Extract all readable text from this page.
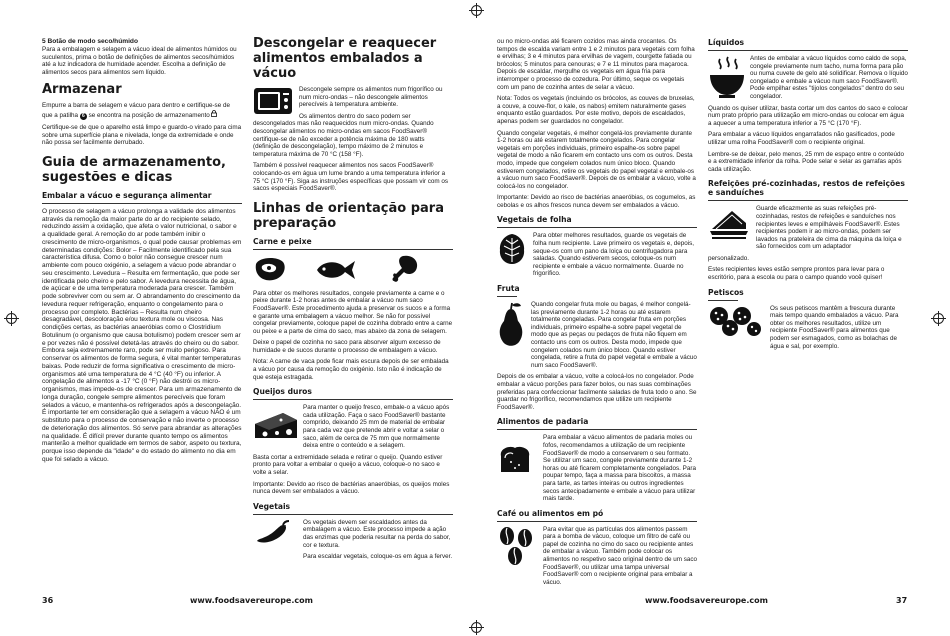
5 Botão de modo seco/húmido

Para a embalagem e selagem a vácuo ideal de alimentos húmidos ou suculentos, prima o botão de definições de alimentos secos/húmidos até a luz indicadora de humidade acender. Escolha a definição de alimentos secos para alimentos sem líquido.

Armazenar

Empurre a barra de selagem e vácuo para dentro e certifique-se de que a patilha 6 se encontra na posição de armazenamento

Certifique-se de que o aparelho está limpo e guardo-o virado para cima sobre uma superfície plana e nivelada, longe da extremidade e onde não possa ser facilmente derrubado.

Guia de armazenamento, sugestões e dicas
Embalar a vácuo e segurança alimentar

O processo de selagem a vácuo prolonga a validade dos alimentos através da remoção da maior parte do ar do recipiente selado, reduzindo assim a oxidação, que afeta o valor nutricional, o sabor e a qualidade geral. A remoção do ar pode também inibir o crescimento de micro-organismos, o qual pode causar problemas em determinadas condições: Bolor – Facilmente identificado pela sua característica difusa. Como o bolor não consegue crescer num ambiente com pouco oxigénio, a selagem a vácuo pode abrandar o seu crescimento. Levedura – Resulta em fermentação, que pode ser identificada pelo cheiro e pelo sabor. A levedura necessita de água, de açúcar e de uma temperatura moderada para crescer. Também pode sobreviver com ou sem ar. O abrandamento do crescimento da levedura requer refrigeração, enquanto o congelamento para o processo por completo. Bactérias – Resulta num cheiro desagradável, descoloração e/ou textura mole ou viscosa. Nas condições certas, as bactérias anaeróbias como o Clostridium Botulinum (o organismo que causa botulismo) podem crescer sem ar e por vezes não é possível detetá-las através do cheiro ou do sabor. Embora seja extremamente raro, pode ser muito perigoso. Para conservar os alimentos de forma segura, é vital manter temperaturas baixas. Pode reduzir de forma significativa o crescimento de micro-organismos até uma temperatura de 4 °C (40 °F) ou inferior. A congelação de alimentos a -17 °C (0 °F) não destrói os micro-organismos, mas impede-os de crescer. Para um armazenamento de longa duração, congele sempre alimentos perecíveis que foram selados a vácuo, e mantenha-os refrigerados após a descongelação. É importante ter em consideração que a selagem a vácuo NÃO é um substituto para o processo de conservação e não inverte o processo de deterioração dos alimentos. Só serve para abrandar as alterações na qualidade. É difícil prever durante quanto tempo os alimentos manterão a melhor qualidade em termos de sabor, aspeto ou textura, porque isso depende da "idade" e do estado do alimento no dia em que foi selado a vácuo.

Descongelar e reaquecer alimentos embalados a vácuo

Descongele sempre os alimentos num frigorífico ou num micro-ondas – não descongele alimentos perecíveis à temperatura ambiente.

Os alimentos dentro do saco podem ser descongelados mas não reaquecidos num micro-ondas. Quando descongelar alimentos no micro-ondas em sacos FoodSaver® certifique-se de não exceder a potência máxima de 180 watts (definição de descongelação), tempo máximo de 2 minutos e temperatura máxima de 70 °C (158 °F).

Também é possível reaquecer alimentos nos sacos FoodSaver® colocando-os em água um lume brando a uma temperatura inferior a 75 °C (170 °F). Siga as instruções específicas que possam vir com os sacos especiais FoodSaver®.

Linhas de orientação para preparação
Carne e peixe

Para obter os melhores resultados, congele previamente a carne e o peixe durante 1-2 horas antes de embalar a vácuo num saco FoodSaver®. Este procedimento ajuda a preservar os sucos e a forma e garante uma embalagem a vácuo melhor. Se não for possível congelar previamente, coloque papel de cozinha dobrado entre a carne ou peixe e a parte de cima do saco, mas abaixo da zona de selagem.

Deixe o papel de cozinha no saco para absorver algum excesso de humidade e de sucos durante o processo de embalagem a vácuo.

Nota: A carne de vaca pode ficar mais escura depois de ser embalada a vácuo por causa da remoção do oxigénio. Isto não é indicação de que esteja estragada.

Queijos duros

Para manter o queijo fresco, embale-o a vácuo após cada utilização. Faça o saco FoodSaver® bastante comprido, deixando 25 mm de material de embalar para cada vez que pretende abrir e voltar a selar o saco, além de cerca de 75 mm que normalmente deixa entre o conteúdo e a selagem.

Basta cortar a extremidade selada e retirar o queijo. Quando estiver pronto para voltar a embalar o queijo a vácuo, coloque-o no saco e volte a selar.

Importante: Devido ao risco de bactérias anaeróbias, os queijos moles nunca devem ser embalados a vácuo.

Vegetais

Os vegetais devem ser escaldados antes da embalagem a vácuo. Este processo impede a ação das enzimas que poderia resultar na perda do sabor, cor e textura.

Para escaldar vegetais, coloque-os em água a ferver.

36	www.foodsavereurope.com

ou no micro-ondas até ficarem cozidos mas ainda crocantes. Os tempos de escalda variam entre 1 e 2 minutos para vegetais com folha e ervilhas; 3 e 4 minutos para ervilhas de vagem, courgette fatiada ou brócolos; 5 minutos para cenouras; e 7 e 11 minutos para maçaroca. Depois de escaldar, mergulhe os vegetais em água fria para interromper o processo de cozedura. Por último, seque os vegetais com um pano de cozinha antes de selar a vácuo.

Nota: Todos os vegetais (incluindo os brócolos, as couves de bruxelas, a couve, a couve-flor, o kale, os nabos) emitem naturalmente gases enquanto estão guardados. Por este motivo, depois de escaldados, apenas podem ser guardados no congelador.

Quando congelar vegetais, é melhor congelá-los previamente durante 1-2 horas ou até estarem totalmente congelados. Para congelar vegetais em porções individuais, primeiro espalhe-os sobre papel vegetal de modo a não ficarem em contacto uns com os outros. Desta modo, impede que congelem colados num único bloco. Quando estiverem congelados, retire os vegetais do papel vegetal e embale-os a vácuo num saco FoodSaver®. Depois de os embalar a vácuo, volte a colocá-los no congelador.

Importante: Devido ao risco de bactérias anaeróbias, os cogumelos, as cebolas e os alhos frescos nunca devem ser embalados a vácuo.

Vegetais de folha

Para obter melhores resultados, guarde os vegetais de folha num recipiente. Lave primeiro os vegetais e, depois, seque-os com um pano da loiça ou centrifugadora para saladas. Quando estiverem secos, coloque-os num recipiente e embale a vácuo normalmente. Guarde no frigorífico.

Fruta

Quando congelar fruta mole ou bagas, é melhor congelá-las previamente durante 1-2 horas ou até estarem totalmente congeladas. Para congelar fruta em porções individuais, primeiro espalhe-a sobre papel vegetal de modo que as peças ou pedaços de fruta não fiquem em contacto uns com os outros. Desta modo, impede que congelem colados num único bloco. Quando estiver congelada, retire a fruta do papel vegetal e embale a vácuo num saco FoodSaver®.

Depois de os embalar a vácuo, volte a colocá-los no congelador. Pode embalar a vácuo porções para fazer bolos, ou nas suas combinações preferidas para confeccionar facilmente saladas de fruta todo o ano. Se guardar no frigorífico, recomendamos que utilize um recipiente FoodSaver®.

Alimentos de padaria

Para embalar a vácuo alimentos de padaria moles ou fofos, recomendamos a utilização de um recipiente FoodSaver® de modo a conservarem o seu formato. Se utilizar um saco, congele previamente durante 1-2 horas ou até ficarem completamente congelados. Para poupar tempo, faça a massa para biscoitos, a massa para tarte, as tartes inteiras ou outros ingredientes secos antecipadamente e embale a vácuo para utilizar mais tarde.

Café ou alimentos em pó

Para evitar que as partículas dos alimentos passem para a bomba de vácuo, coloque um filtro de café ou papel de cozinha no cimo do saco ou recipiente antes de embalar a vácuo. Também pode colocar os alimentos no respetivo saco original dentro de um saco FoodSaver®, ou utilizar uma tampa universal FoodSaver® com o recipiente original para embalar a vácuo.

Líquidos

Antes de embalar a vácuo líquidos como caldo de sopa, congele previamente num tacho, numa forma para pão ou numa cuvete de gelo até solidificar. Remova o líquido congelado e embale a vácuo num saco FoodSaver®. Pode empilhar estes "tijolos congelados" dentro do seu congelador.

Quando os quiser utilizar, basta cortar um dos cantos do saco e colocar num prato próprio para utilização em micro-ondas ou colocar em água a aquecer a uma temperatura inferior a 75 °C (170 °F).

Para embalar a vácuo líquidos engarrafados não gasificados, pode utilizar uma rolha FoodSaver® com o recipiente original.

Lembre-se de deixar, pelo menos, 25 mm de espaço entre o conteúdo e a extremidade inferior da rolha. Pode selar e selar as garrafas após cada utilização.

Refeições pré-cozinhadas, restos de refeições e sanduíches

Guarde eficazmente as suas refeições pré-cozinhadas, restos de refeições e sanduíches nos recipientes leves e empilháveis FoodSaver®. Estes recipientes podem ir ao micro-ondas, podem ser lavados na prateleira de cima da máquina da loiça e são fornecidos com um adaptador

personalizado.

Estes recipientes leves estão sempre prontos para levar para o escritório, para a escola ou para o campo quando você quiser!

Petiscos

Os seus petiscos mantêm a frescura durante mais tempo quando embalados a vácuo. Para obter os melhores resultados, utilize um recipiente FoodSaver® para alimentos que podem ser esmagados, como as bolachas de água e sal, por exemplo.

www.foodsavereurope.com	37
